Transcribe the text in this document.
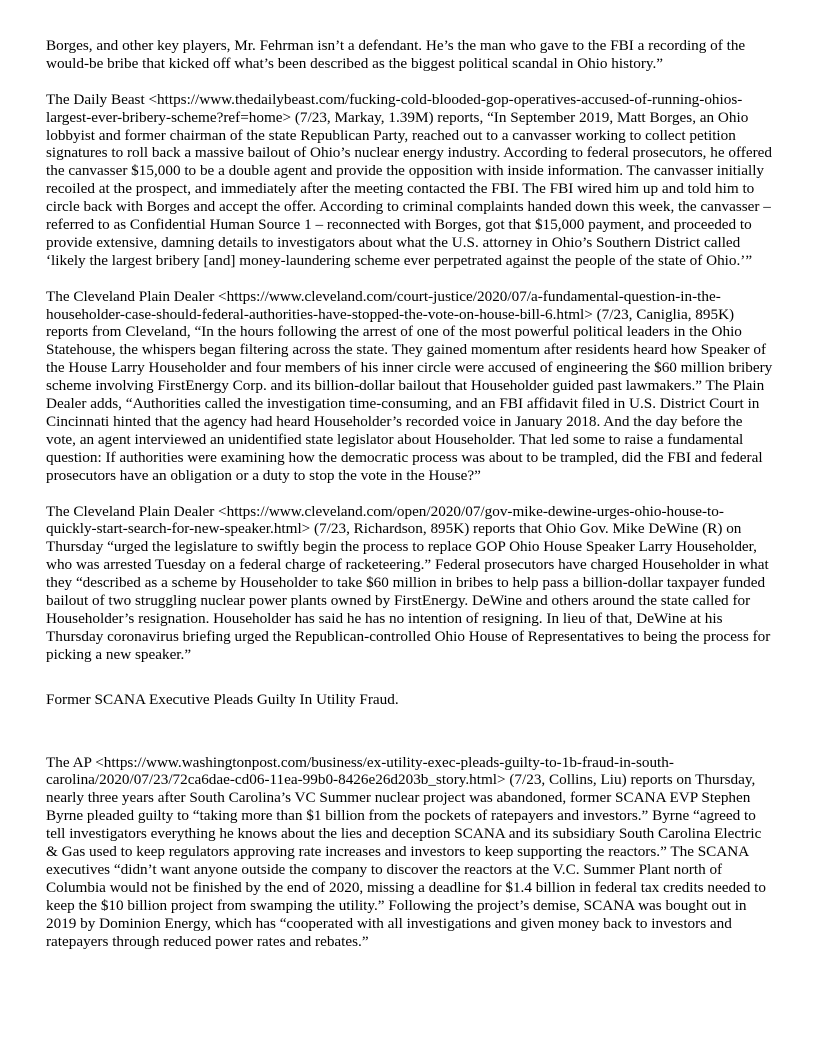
Borges, and other key players, Mr. Fehrman isn’t a defendant. He’s the man who gave to the FBI a recording of the would-be bribe that kicked off what’s been described as the biggest political scandal in Ohio history.”

The Daily Beast <https://www.thedailybeast.com/fucking-cold-blooded-gop-operatives-accused-of-running-ohios-largest-ever-bribery-scheme?ref=home> (7/23, Markay, 1.39M) reports, “In September 2019, Matt Borges, an Ohio lobbyist and former chairman of the state Republican Party, reached out to a canvasser working to collect petition signatures to roll back a massive bailout of Ohio’s nuclear energy industry. According to federal prosecutors, he offered the canvasser $15,000 to be a double agent and provide the opposition with inside information. The canvasser initially recoiled at the prospect, and immediately after the meeting contacted the FBI. The FBI wired him up and told him to circle back with Borges and accept the offer. According to criminal complaints handed down this week, the canvasser – referred to as Confidential Human Source 1 – reconnected with Borges, got that $15,000 payment, and proceeded to provide extensive, damning details to investigators about what the U.S. attorney in Ohio’s Southern District called ‘likely the largest bribery [and] money-laundering scheme ever perpetrated against the people of the state of Ohio.’”

The Cleveland Plain Dealer <https://www.cleveland.com/court-justice/2020/07/a-fundamental-question-in-the-householder-case-should-federal-authorities-have-stopped-the-vote-on-house-bill-6.html> (7/23, Caniglia, 895K) reports from Cleveland, “In the hours following the arrest of one of the most powerful political leaders in the Ohio Statehouse, the whispers began filtering across the state. They gained momentum after residents heard how Speaker of the House Larry Householder and four members of his inner circle were accused of engineering the $60 million bribery scheme involving FirstEnergy Corp. and its billion-dollar bailout that Householder guided past lawmakers.” The Plain Dealer adds, “Authorities called the investigation time-consuming, and an FBI affidavit filed in U.S. District Court in Cincinnati hinted that the agency had heard Householder’s recorded voice in January 2018. And the day before the vote, an agent interviewed an unidentified state legislator about Householder. That led some to raise a fundamental question: If authorities were examining how the democratic process was about to be trampled, did the FBI and federal prosecutors have an obligation or a duty to stop the vote in the House?”

The Cleveland Plain Dealer <https://www.cleveland.com/open/2020/07/gov-mike-dewine-urges-ohio-house-to-quickly-start-search-for-new-speaker.html> (7/23, Richardson, 895K) reports that Ohio Gov. Mike DeWine (R) on Thursday “urged the legislature to swiftly begin the process to replace GOP Ohio House Speaker Larry Householder, who was arrested Tuesday on a federal charge of racketeering.” Federal prosecutors have charged Householder in what they “described as a scheme by Householder to take $60 million in bribes to help pass a billion-dollar taxpayer funded bailout of two struggling nuclear power plants owned by FirstEnergy. DeWine and others around the state called for Householder’s resignation. Householder has said he has no intention of resigning. In lieu of that, DeWine at his Thursday coronavirus briefing urged the Republican-controlled Ohio House of Representatives to being the process for picking a new speaker.”

Former SCANA Executive Pleads Guilty In Utility Fraud.

The AP <https://www.washingtonpost.com/business/ex-utility-exec-pleads-guilty-to-1b-fraud-in-south-carolina/2020/07/23/72ca6dae-cd06-11ea-99b0-8426e26d203b_story.html> (7/23, Collins, Liu) reports on Thursday, nearly three years after South Carolina’s VC Summer nuclear project was abandoned, former SCANA EVP Stephen Byrne pleaded guilty to “taking more than $1 billion from the pockets of ratepayers and investors.” Byrne “agreed to tell investigators everything he knows about the lies and deception SCANA and its subsidiary South Carolina Electric & Gas used to keep regulators approving rate increases and investors to keep supporting the reactors.” The SCANA executives “didn’t want anyone outside the company to discover the reactors at the V.C. Summer Plant north of Columbia would not be finished by the end of 2020, missing a deadline for $1.4 billion in federal tax credits needed to keep the $10 billion project from swamping the utility.” Following the project’s demise, SCANA was bought out in 2019 by Dominion Energy, which has “cooperated with all investigations and given money back to investors and ratepayers through reduced power rates and rebates.”
